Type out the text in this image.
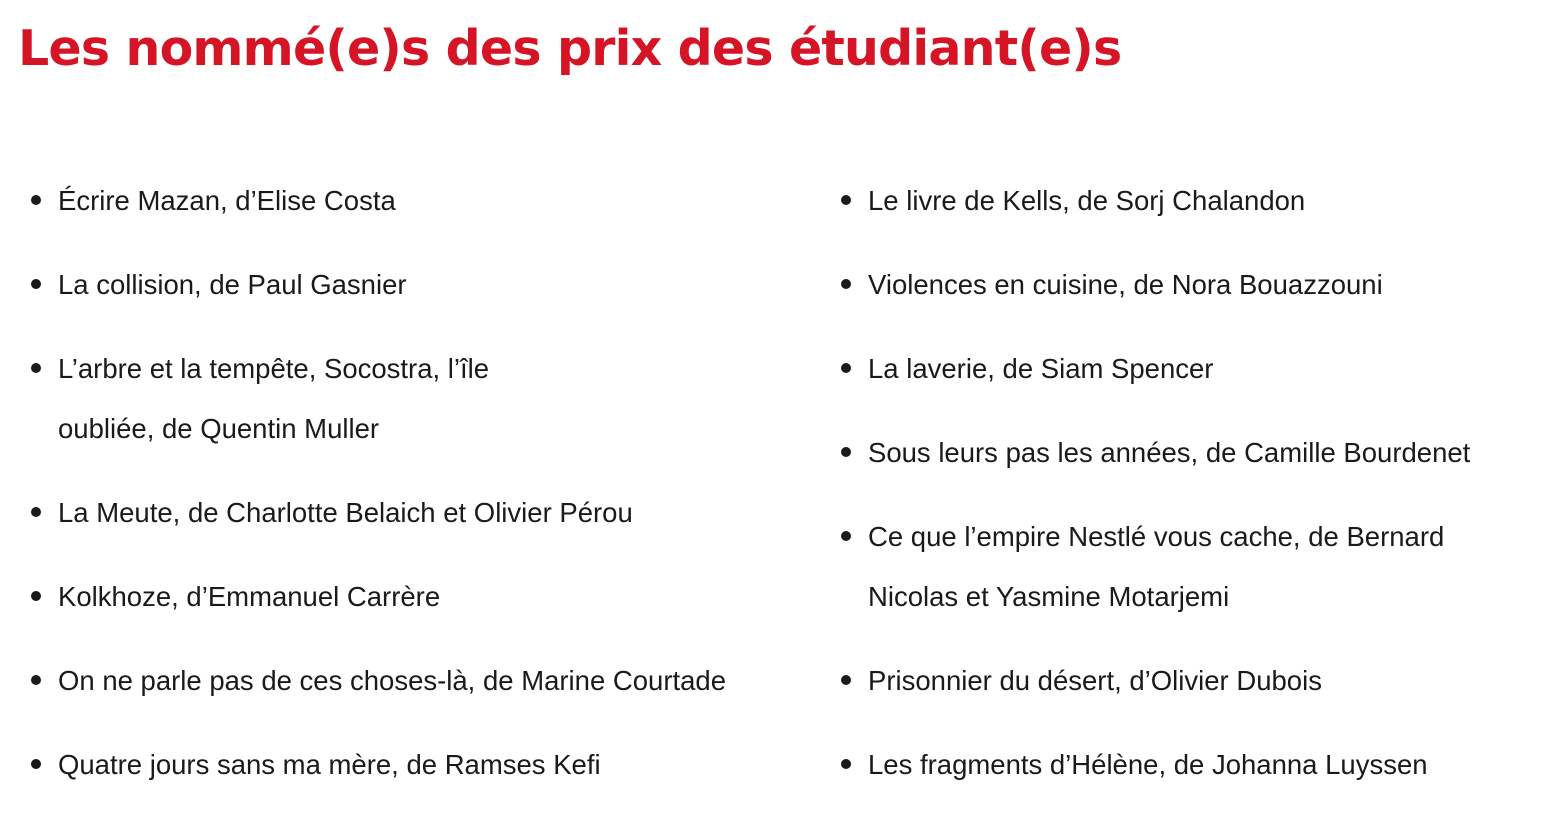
Les nommé(e)s des prix des étudiant(e)s
Écrire Mazan, d’Elise Costa
La collision, de Paul Gasnier
L’arbre et la tempête, Socostra, l’île
oubliée, de Quentin Muller
La Meute, de Charlotte Belaich et Olivier Pérou
Kolkhoze, d’Emmanuel Carrère
On ne parle pas de ces choses-là, de Marine Courtade
Quatre jours sans ma mère, de Ramses Kefi
Le livre de Kells, de Sorj Chalandon
Violences en cuisine, de Nora Bouazzouni
La laverie, de Siam Spencer
Sous leurs pas les années, de Camille Bourdenet
Ce que l’empire Nestlé vous cache, de Bernard
Nicolas et Yasmine Motarjemi
Prisonnier du désert, d’Olivier Dubois
Les fragments d’Hélène, de Johanna Luyssen
